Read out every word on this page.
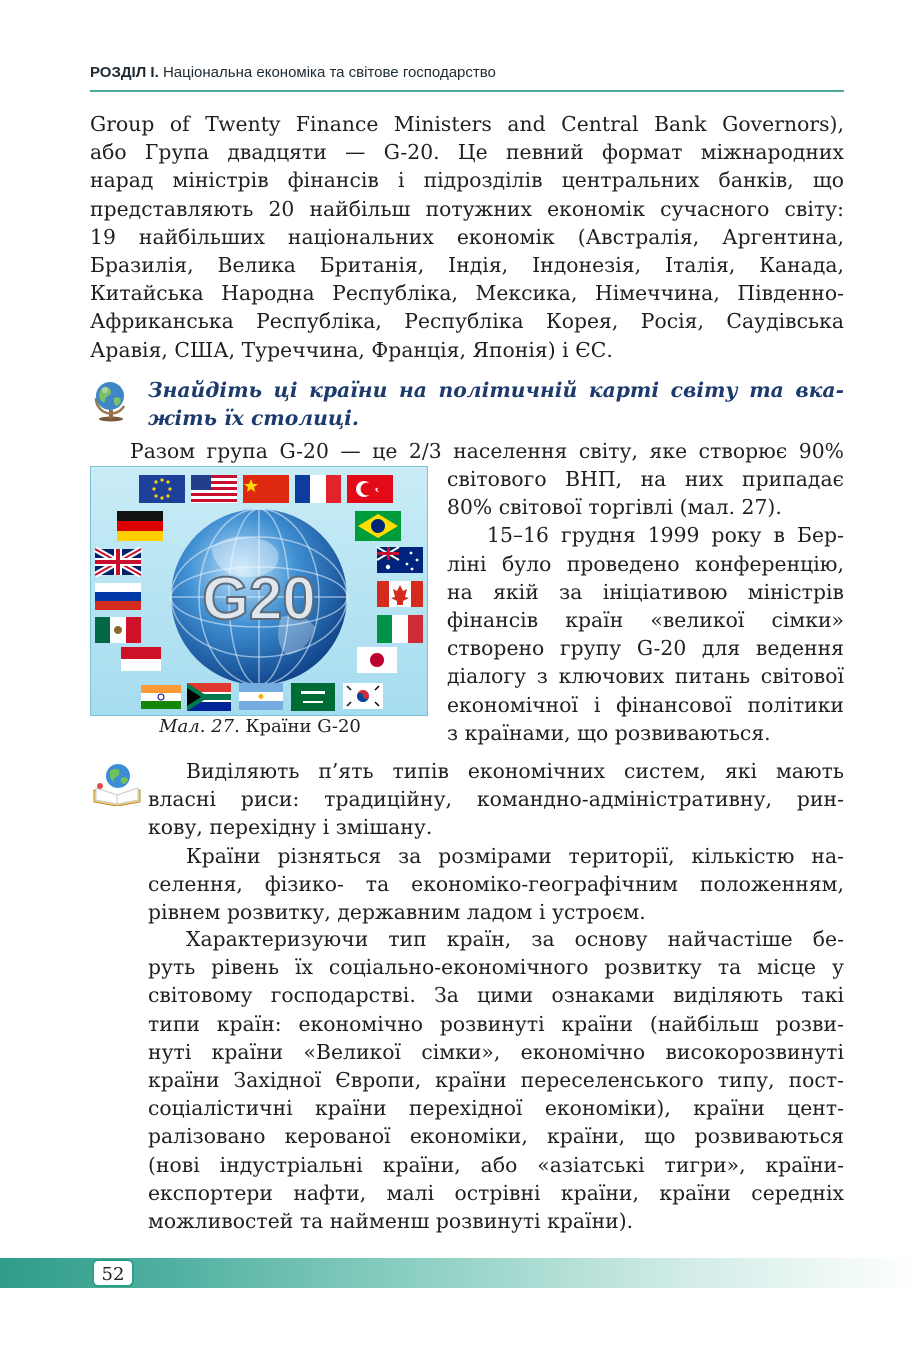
РОЗДІЛ І. Національна економіка та світове господарство
Group of Twenty Finance Ministers and Central Bank Governors),
або Група двадцяти — G-20. Це певний формат міжнародних
нарад міністрів фінансів і підрозділів центральних банків, що
представляють 20 найбільш потужних економік сучасного світу:
19 найбільших національних економік (Австралія, Аргентина,
Бразилія, Велика Британія, Індія, Індонезія, Італія, Канада,
Китайська Народна Республіка, Мексика, Німеччина, Південно-
Африканська Республіка, Республіка Корея, Росія, Саудівська
Аравія, США, Туреччина, Франція, Японія) і ЄС.
Знайдіть ці країни на політичній карті світу та вка-
жіть їх столиці.
Разом група G-20 — це 2/3 населення світу, яке створює 90%
світового ВНП, на них припадає
80% світової торгівлі (мал. 27).
15–16 грудня 1999 року в Бер-
ліні було проведено конференцію,
на якій за ініціативою міністрів
фінансів країн «великої сімки»
створено групу G-20 для ведення
діалогу з ключових питань світової
економічної і фінансової політики
з країнами, що розвиваються.
G20
Мал. 27. Країни G-20
Виділяють п’ять типів економічних систем, які мають
власні риси: традиційну, командно-адміністративну, рин-
кову, перехідну і змішану.
Країни різняться за розмірами території, кількістю на-
селення, фізико- та економіко-географічним положенням,
рівнем розвитку, державним ладом і устроєм.
Характеризуючи тип країн, за основу найчастіше бе-
руть рівень їх соціально-економічного розвитку та місце у
світовому господарстві. За цими ознаками виділяють такі
типи країн: економічно розвинуті країни (найбільш розви-
нуті країни «Великої сімки», економічно високорозвинуті
країни Західної Європи, країни переселенського типу, пост-
соціалістичні країни перехідної економіки), країни цент-
ралізовано керованої економіки, країни, що розвиваються
(нові індустріальні країни, або «азіатські тигри», країни-
експортери нафти, малі острівні країни, країни середніх
можливостей та найменш розвинуті країни).
52
